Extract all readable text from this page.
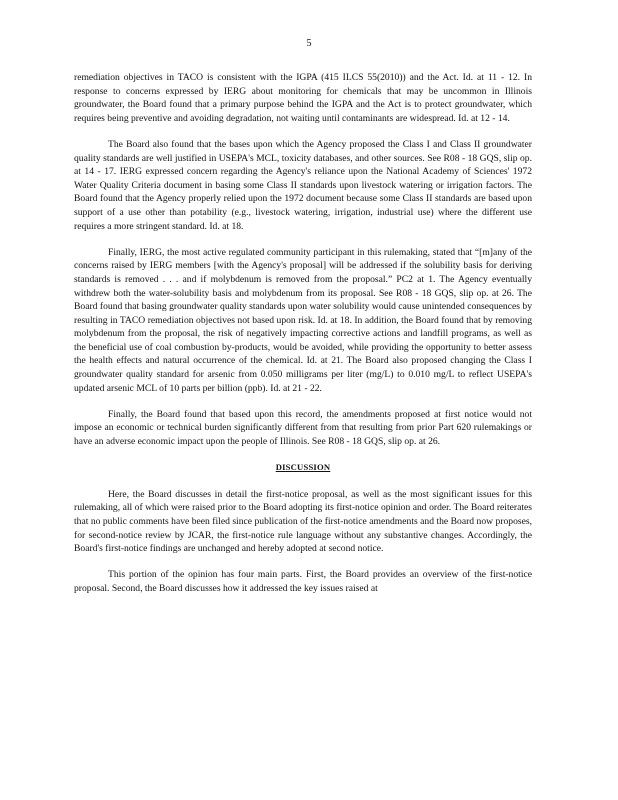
5

remediation objectives in TACO is consistent with the IGPA (415 ILCS 55(2010)) and the Act. Id. at 11 - 12. In response to concerns expressed by IERG about monitoring for chemicals that may be uncommon in Illinois groundwater, the Board found that a primary purpose behind the IGPA and the Act is to protect groundwater, which requires being preventive and avoiding degradation, not waiting until contaminants are widespread. Id. at 12 - 14.

The Board also found that the bases upon which the Agency proposed the Class I and Class II groundwater quality standards are well justified in USEPA's MCL, toxicity databases, and other sources. See R08 - 18 GQS, slip op. at 14 - 17. IERG expressed concern regarding the Agency's reliance upon the National Academy of Sciences' 1972 Water Quality Criteria document in basing some Class II standards upon livestock watering or irrigation factors. The Board found that the Agency properly relied upon the 1972 document because some Class II standards are based upon support of a use other than potability (e.g., livestock watering, irrigation, industrial use) where the different use requires a more stringent standard. Id. at 18.

Finally, IERG, the most active regulated community participant in this rulemaking, stated that “[m]any of the concerns raised by IERG members [with the Agency's proposal] will be addressed if the solubility basis for deriving standards is removed . . . and if molybdenum is removed from the proposal.” PC2 at 1. The Agency eventually withdrew both the water-solubility basis and molybdenum from its proposal. See R08 - 18 GQS, slip op. at 26. The Board found that basing groundwater quality standards upon water solubility would cause unintended consequences by resulting in TACO remediation objectives not based upon risk. Id. at 18. In addition, the Board found that by removing molybdenum from the proposal, the risk of negatively impacting corrective actions and landfill programs, as well as the beneficial use of coal combustion by-products, would be avoided, while providing the opportunity to better assess the health effects and natural occurrence of the chemical. Id. at 21. The Board also proposed changing the Class I groundwater quality standard for arsenic from 0.050 milligrams per liter (mg/L) to 0.010 mg/L to reflect USEPA's updated arsenic MCL of 10 parts per billion (ppb). Id. at 21 - 22.

Finally, the Board found that based upon this record, the amendments proposed at first notice would not impose an economic or technical burden significantly different from that resulting from prior Part 620 rulemakings or have an adverse economic impact upon the people of Illinois. See R08 - 18 GQS, slip op. at 26.

DISCUSSION

Here, the Board discusses in detail the first-notice proposal, as well as the most significant issues for this rulemaking, all of which were raised prior to the Board adopting its first-notice opinion and order. The Board reiterates that no public comments have been filed since publication of the first-notice amendments and the Board now proposes, for second-notice review by JCAR, the first-notice rule language without any substantive changes. Accordingly, the Board's first-notice findings are unchanged and hereby adopted at second notice.

This portion of the opinion has four main parts. First, the Board provides an overview of the first-notice proposal. Second, the Board discusses how it addressed the key issues raised at
